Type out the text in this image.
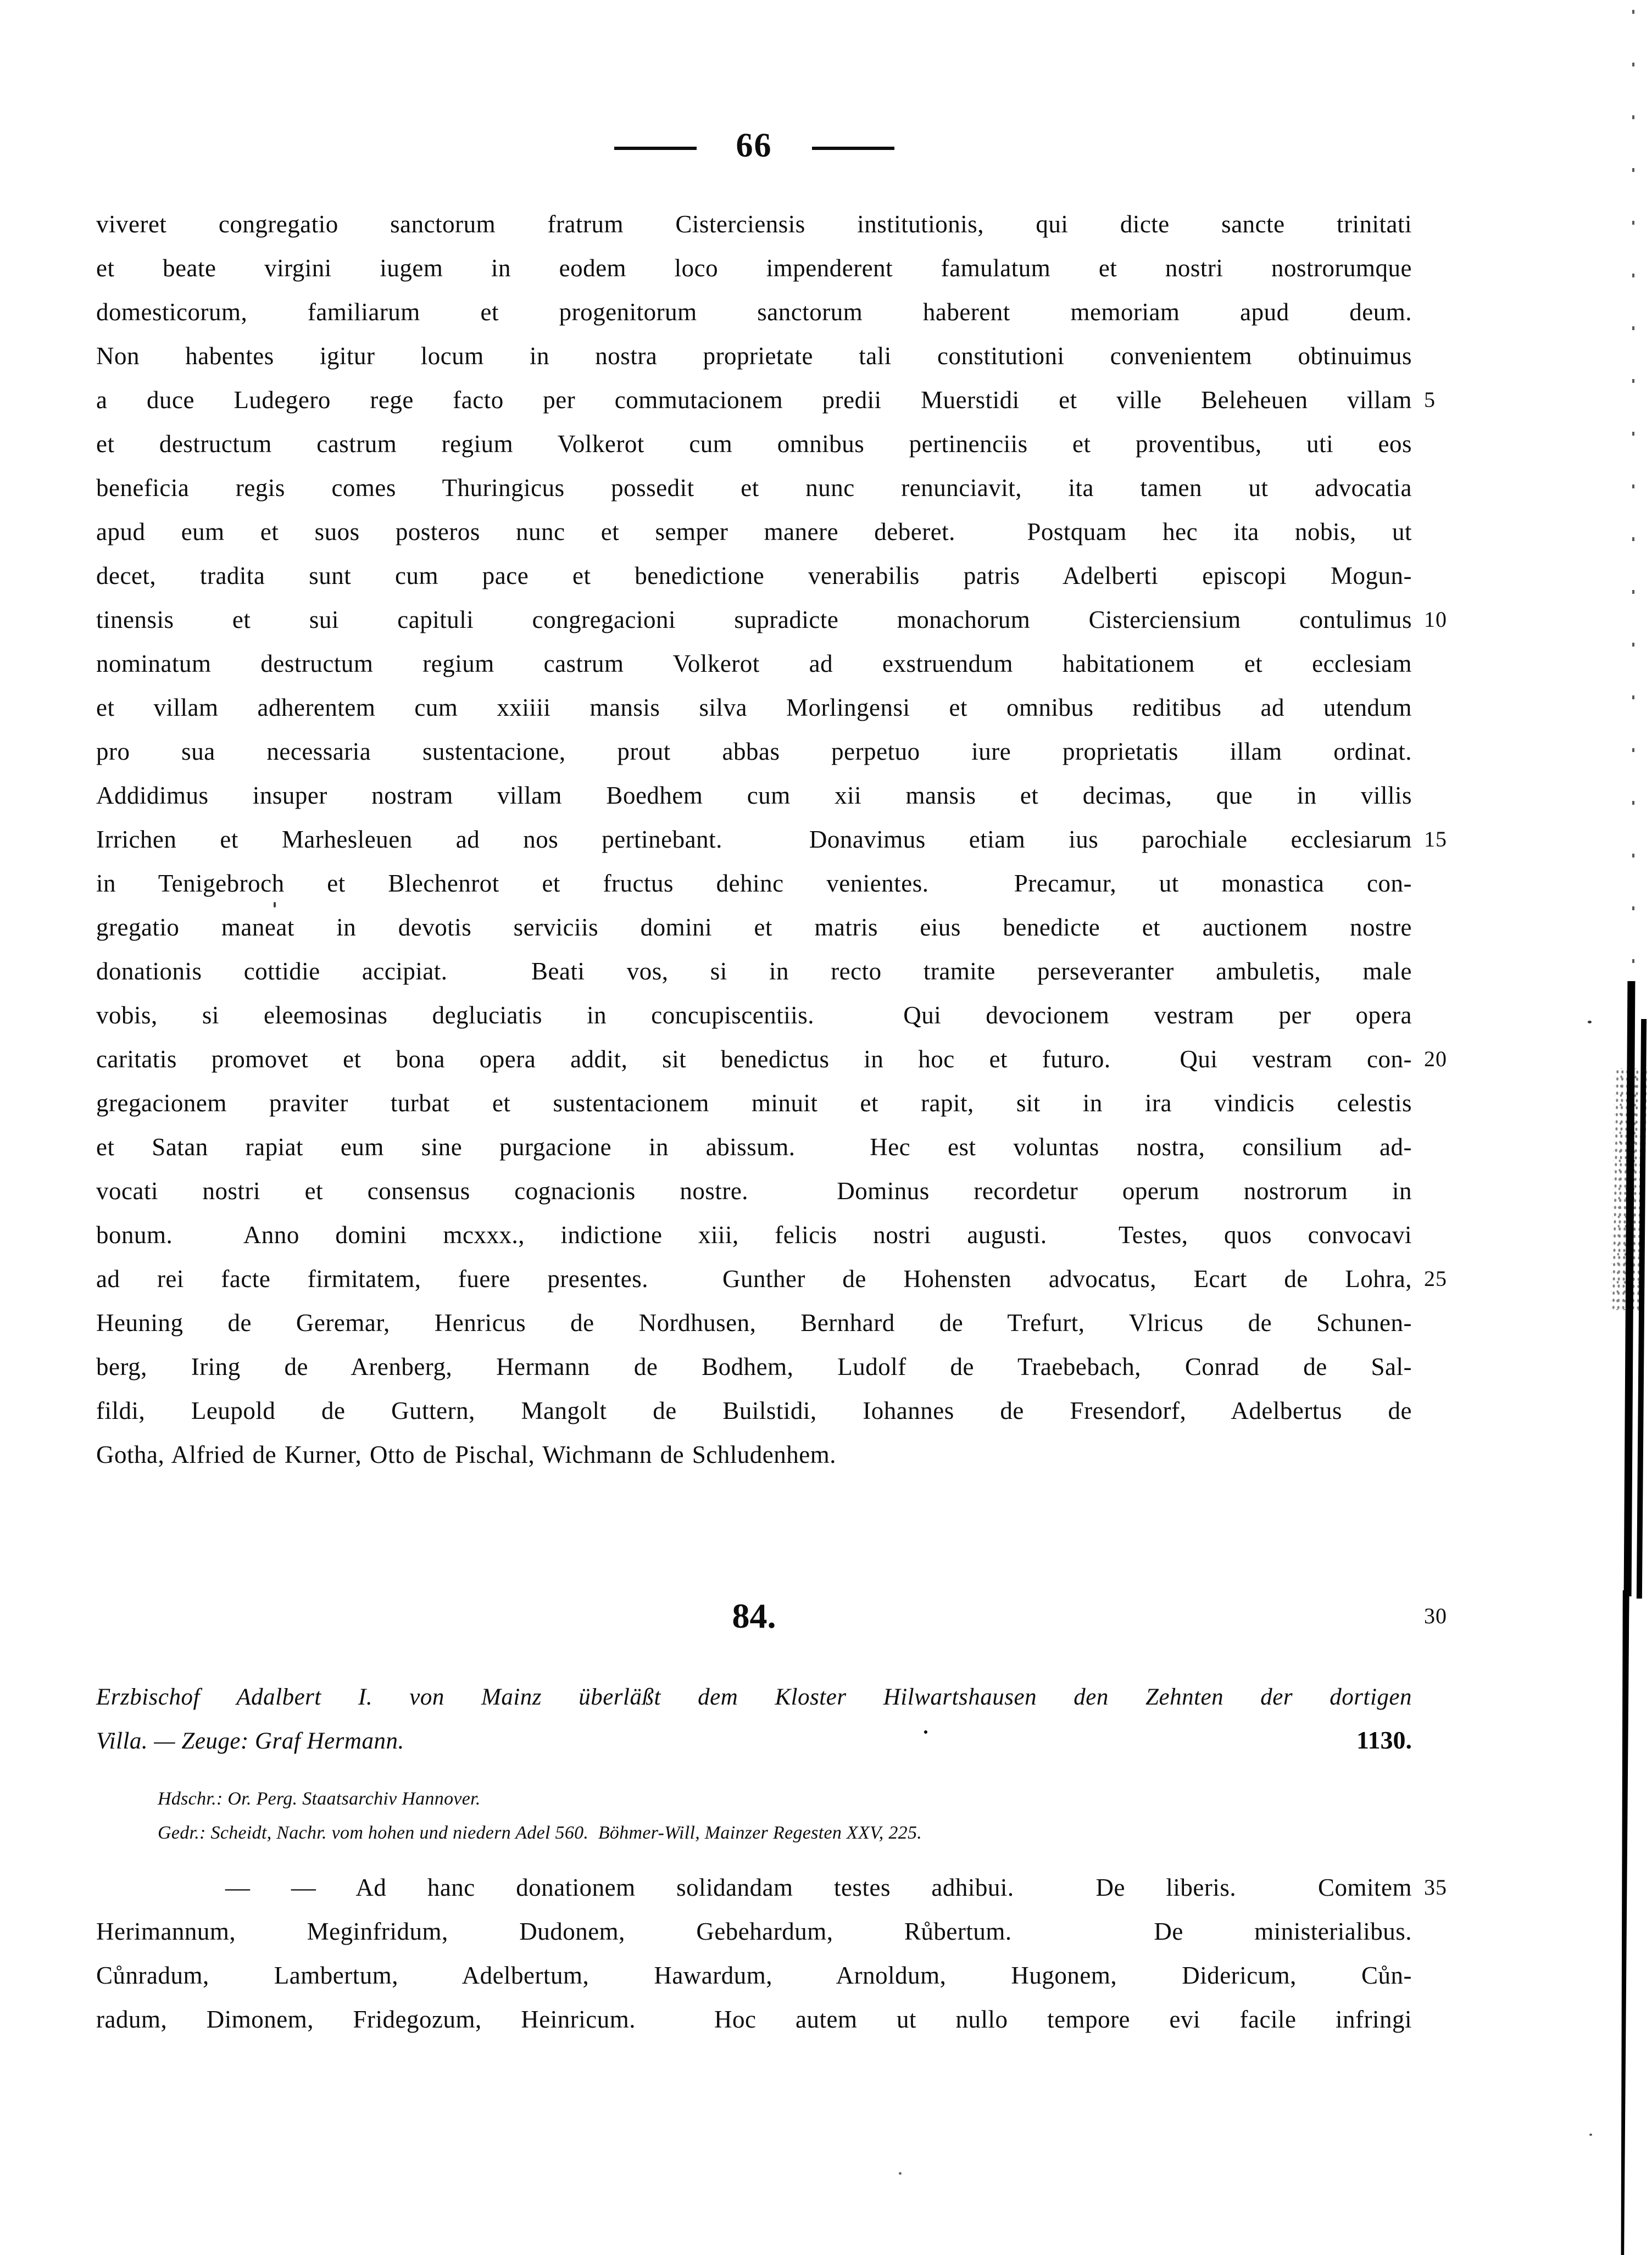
66
viveret congregatio sanctorum fratrum Cisterciensis institutionis, qui dicte sancte trinitati
et beate virgini iugem in eodem loco impenderent famulatum et nostri nostrorumque
domesticorum, familiarum et progenitorum sanctorum haberent memoriam apud deum.
Non habentes igitur locum in nostra proprietate tali constitutioni convenientem obtinuimus
a duce Ludegero rege facto per commutacionem predii Muerstidi et ville Beleheuen villam 5
et destructum castrum regium Volkerot cum omnibus pertinenciis et proventibus, uti eos
beneficia regis comes Thuringicus possedit et nunc renunciavit, ita tamen ut advocatia
apud eum et suos posteros nunc et semper manere deberet.  Postquam hec ita nobis, ut
decet, tradita sunt cum pace et benedictione venerabilis patris Adelberti episcopi Mogun-
tinensis et sui capituli congregacioni supradicte monachorum Cisterciensium contulimus 10
nominatum destructum regium castrum Volkerot ad exstruendum habitationem et ecclesiam
et villam adherentem cum xxiiii mansis silva Morlingensi et omnibus reditibus ad utendum
pro sua necessaria sustentacione, prout abbas perpetuo iure proprietatis illam ordinat.
Addidimus insuper nostram villam Boedhem cum xii mansis et decimas, que in villis
Irrichen et Marhesleuen ad nos pertinebant.  Donavimus etiam ius parochiale ecclesiarum 15
in Tenigebroch et Blechenrot et fructus dehinc venientes.  Precamur, ut monastica con-
gregatio maneat in devotis serviciis domini et matris eius benedicte et auctionem nostre
donationis cottidie accipiat.  Beati vos, si in recto tramite perseveranter ambuletis, male
vobis, si eleemosinas degluciatis in concupiscentiis.  Qui devocionem vestram per opera
caritatis promovet et bona opera addit, sit benedictus in hoc et futuro.  Qui vestram con- 20
gregacionem praviter turbat et sustentacionem minuit et rapit, sit in ira vindicis celestis
et Satan rapiat eum sine purgacione in abissum.  Hec est voluntas nostra, consilium ad-
vocati nostri et consensus cognacionis nostre.  Dominus recordetur operum nostrorum in
bonum.  Anno domini mcxxx., indictione xiii, felicis nostri augusti.  Testes, quos convocavi
ad rei facte firmitatem, fuere presentes.  Gunther de Hohensten advocatus, Ecart de Lohra, 25
Heuning de Geremar, Henricus de Nordhusen, Bernhard de Trefurt, Vlricus de Schunen-
berg, Iring de Arenberg, Hermann de Bodhem, Ludolf de Traebebach, Conrad de Sal-
fildi, Leupold de Guttern, Mangolt de Builstidi, Iohannes de Fresendorf, Adelbertus de
Gotha, Alfried de Kurner, Otto de Pischal, Wichmann de Schludenhem.
84.	30
Erzbischof Adalbert I. von Mainz überläßt dem Kloster Hilwartshausen den Zehnten der dortigen
Villa. — Zeuge: Graf Hermann.	1130.
Hdschr.: Or. Perg. Staatsarchiv Hannover.
Gedr.: Scheidt, Nachr. vom hohen und niedern Adel 560.  Böhmer-Will, Mainzer Regesten XXV, 225.
— — Ad hanc donationem solidandam testes adhibui.  De liberis.  Comitem 35
Herimannum, Meginfridum, Dudonem, Gebehardum, Růbertum.  De ministerialibus.
Cůnradum, Lambertum, Adelbertum, Hawardum, Arnoldum, Hugonem, Didericum, Cůn-
radum, Dimonem, Fridegozum, Heinricum.  Hoc autem ut nullo tempore evi facile infringi
